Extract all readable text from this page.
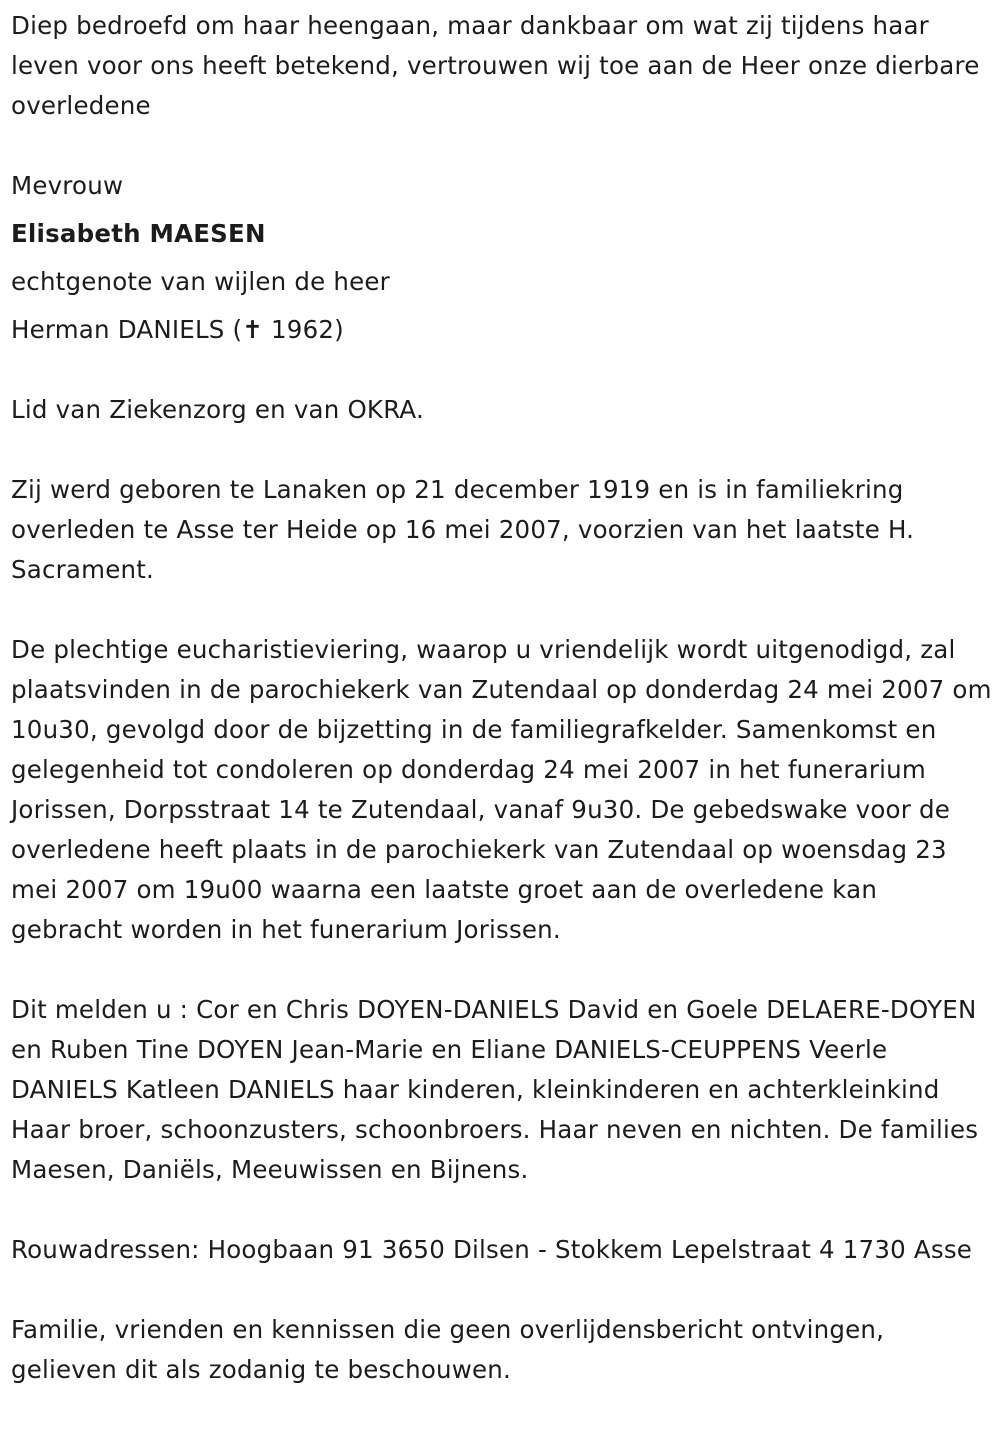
Diep bedroefd om haar heengaan, maar dankbaar om wat zij tijdens haar leven voor ons heeft betekend, vertrouwen wij toe aan de Heer onze dierbare overledene

Mevrouw

Elisabeth MAESEN

echtgenote van wijlen de heer

Herman DANIELS (✝ 1962)

Lid van Ziekenzorg en van OKRA.

Zij werd geboren te Lanaken op 21 december 1919 en is in familiekring overleden te Asse ter Heide op 16 mei 2007, voorzien van het laatste H. Sacrament.

De plechtige eucharistieviering, waarop u vriendelijk wordt uitgenodigd, zal plaatsvinden in de parochiekerk van Zutendaal op donderdag 24 mei 2007 om 10u30, gevolgd door de bijzetting in de familiegrafkelder. Samenkomst en gelegenheid tot condoleren op donderdag 24 mei 2007 in het funerarium Jorissen, Dorpsstraat 14 te Zutendaal, vanaf 9u30. De gebedswake voor de overledene heeft plaats in de parochiekerk van Zutendaal op woensdag 23 mei 2007 om 19u00 waarna een laatste groet aan de overledene kan gebracht worden in het funerarium Jorissen.

Dit melden u : Cor en Chris DOYEN-DANIELS David en Goele DELAERE-DOYEN en Ruben Tine DOYEN Jean-Marie en Eliane DANIELS-CEUPPENS Veerle DANIELS Katleen DANIELS haar kinderen, kleinkinderen en achterkleinkind Haar broer, schoonzusters, schoonbroers. Haar neven en nichten. De families Maesen, Daniëls, Meeuwissen en Bijnens.

Rouwadressen: Hoogbaan 91 3650 Dilsen - Stokkem Lepelstraat 4 1730 Asse

Familie, vrienden en kennissen die geen overlijdensbericht ontvingen, gelieven dit als zodanig te beschouwen.
